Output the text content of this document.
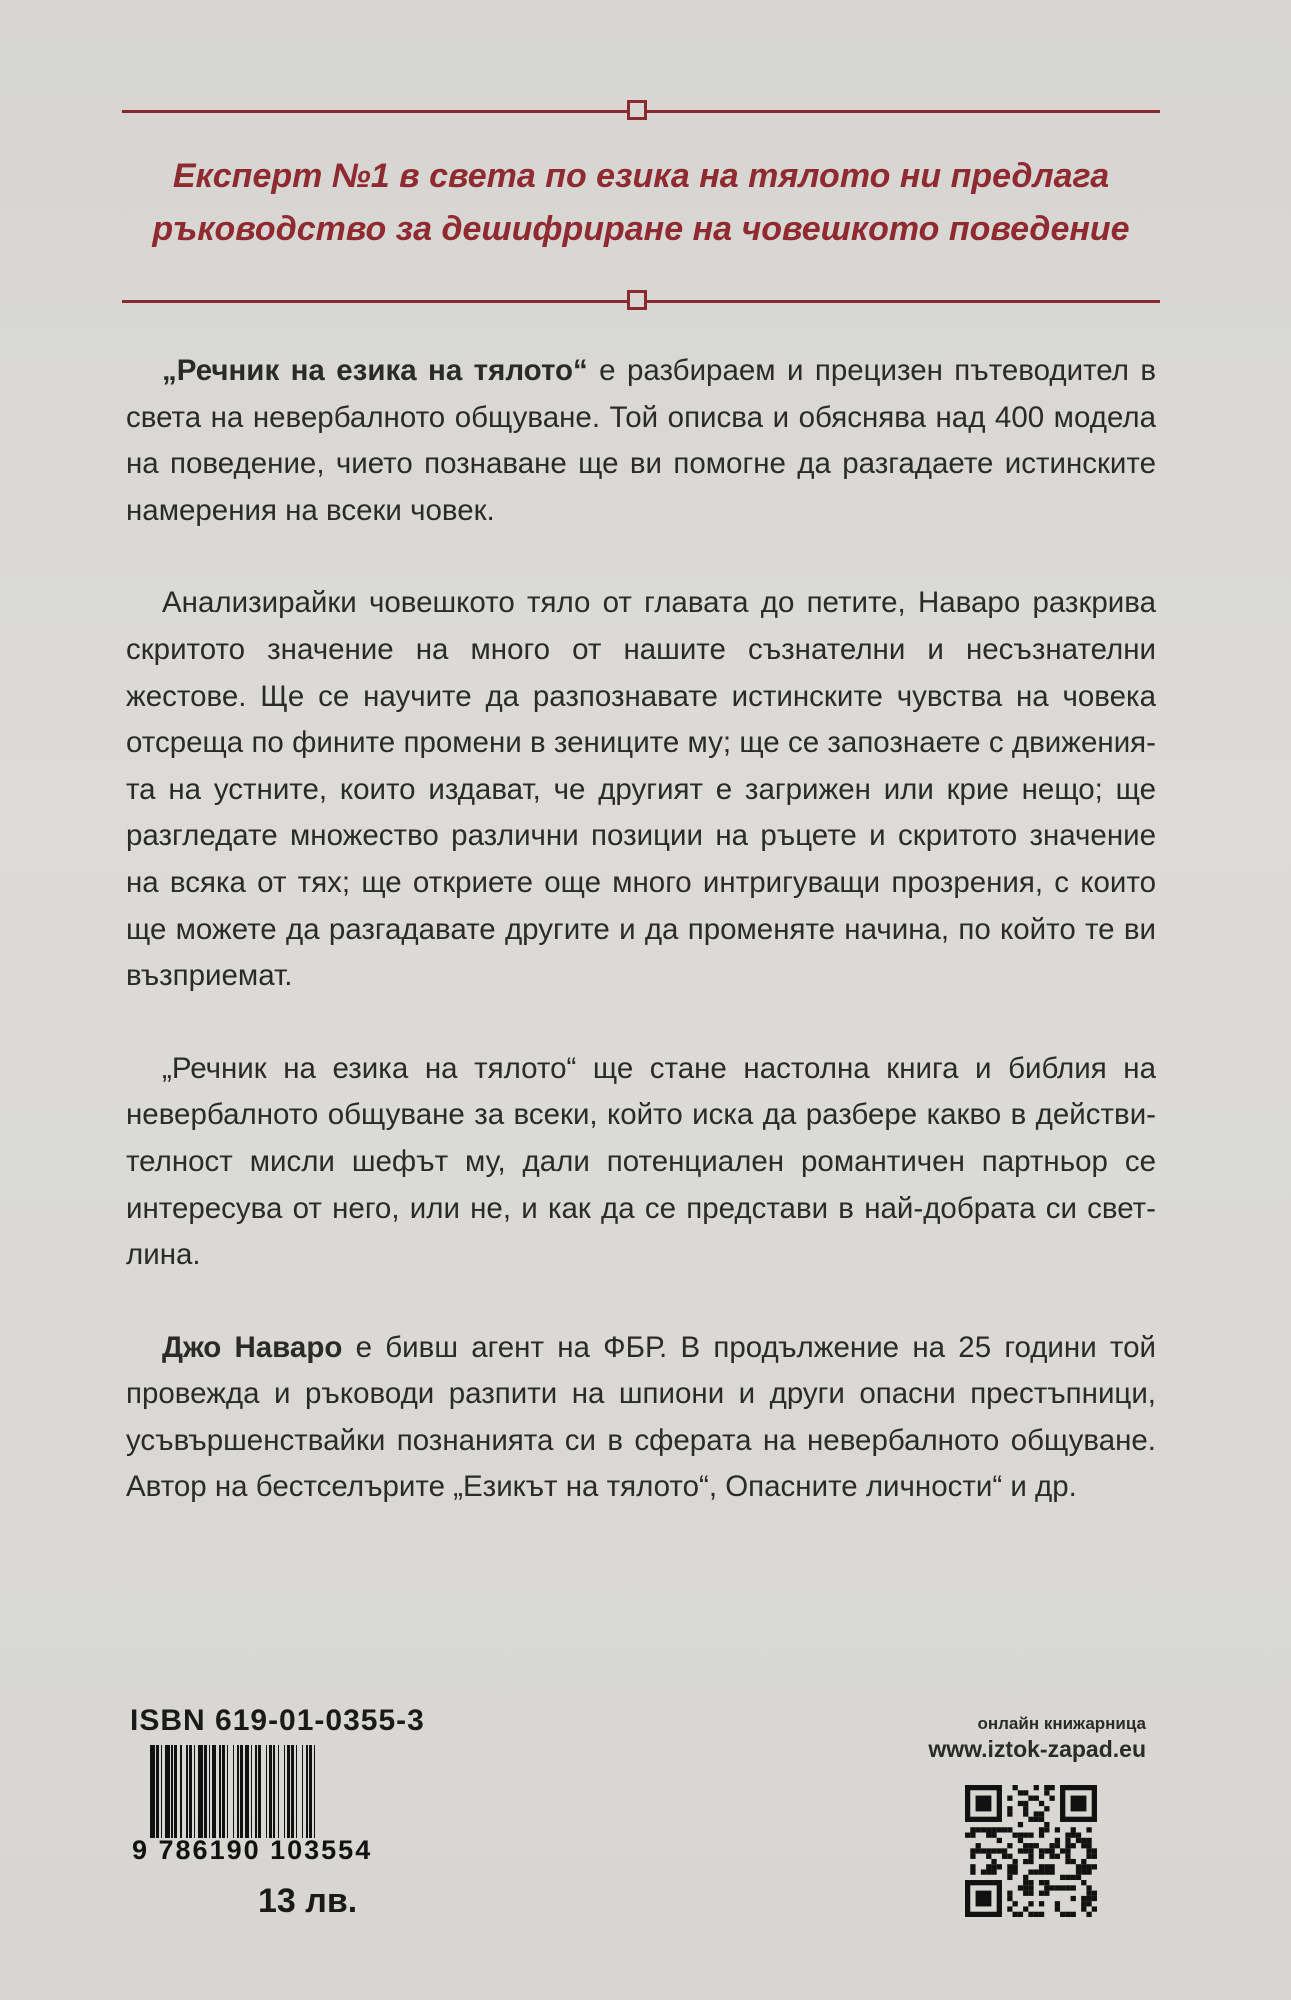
Експерт №1 в света по езика на тялото ни предлага
ръководство за дешифриране на човешкото поведение

„Речник на езика на тялото“ е разбираем и прецизен пътеводител в света на невербалното общуване. Той описва и обяснява над 400 модела на поведение, чието познаване ще ви помогне да разгадаете истинските намерения на всеки човек.

Анализирайки човешкото тяло от главата до петите, Наваро разкрива скритото значение на много от нашите съзнателни и несъзнателни жестове. Ще се научите да разпознавате истинските чувства на човека отсреща по фините промени в зениците му; ще се запознаете с движения-та на устните, които издават, че другият е загрижен или крие нещо; ще разгледате множество различни позиции на ръцете и скритото значение на всяка от тях; ще откриете още много интригуващи прозрения, с които ще можете да разгадавате другите и да променяте начина, по който те ви възприемат.

„Речник на езика на тялото“ ще стане настолна книга и библия на невербалното общуване за всеки, който иска да разбере какво в действи-телност мисли шефът му, дали потенциален романтичен партньор се интересува от него, или не, и как да се представи в най-добрата си свет-лина.

Джо Наваро е бивш агент на ФБР. В продължение на 25 години той провежда и ръководи разпити на шпиони и други опасни престъпници, усъвършенствайки познанията си в сферата на невербалното общуване. Автор на бестселърите „Езикът на тялото“, Опасните личности“ и др.

ISBN 619-01-0355-3
9 786190 103554
13 лв.
онлайн книжарница
www.iztok-zapad.eu
